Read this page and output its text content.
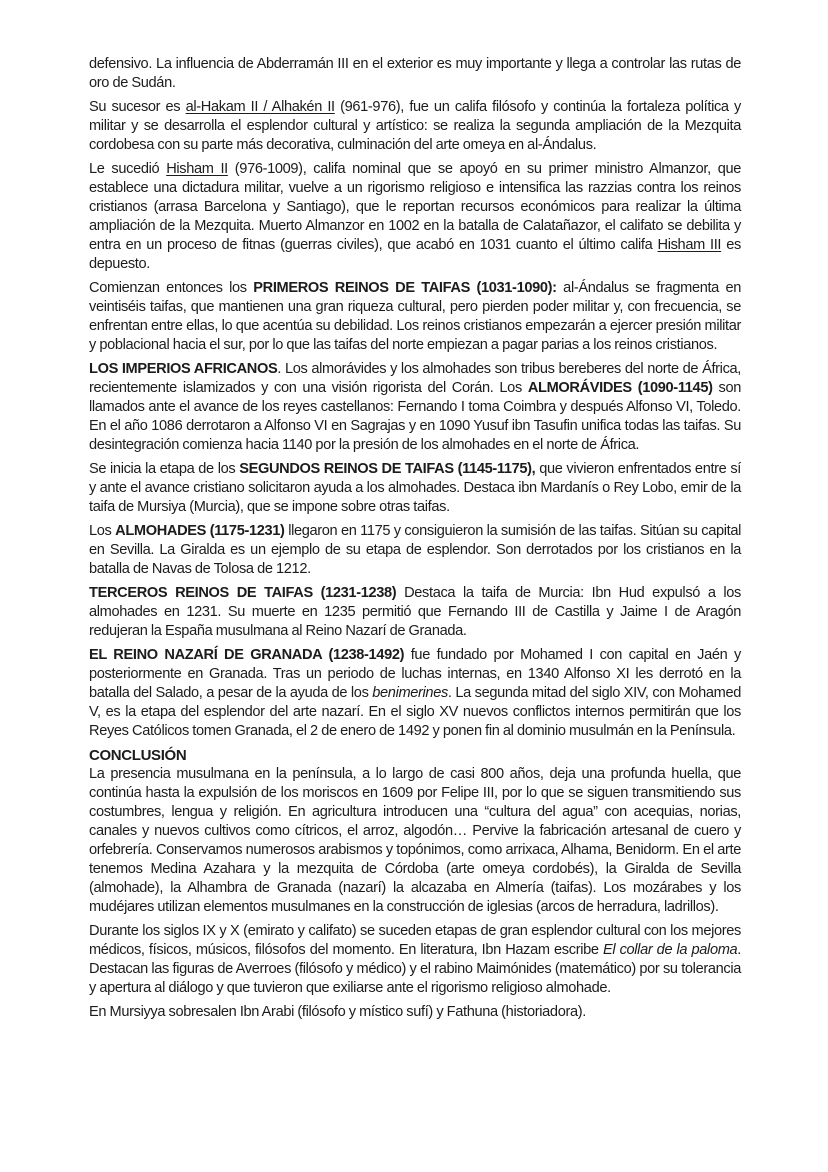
defensivo. La influencia de Abderramán III en el exterior es muy importante y llega a controlar las rutas de oro de Sudán.

Su sucesor es al-Hakam II / Alhakén II (961-976), fue un califa filósofo y continúa la fortaleza política y militar y se desarrolla el esplendor cultural y artístico: se realiza la segunda ampliación de la Mezquita cordobesa con su parte más decorativa, culminación del arte omeya en al-Ándalus.

Le sucedió Hisham II (976-1009), califa nominal que se apoyó en su primer ministro Almanzor, que establece una dictadura militar, vuelve a un rigorismo religioso e intensifica las razzias contra los reinos cristianos (arrasa Barcelona y Santiago), que le reportan recursos económicos para realizar la última ampliación de la Mezquita. Muerto Almanzor en 1002 en la batalla de Calatañazor, el califato se debilita y entra en un proceso de fitnas (guerras civiles), que acabó en 1031 cuanto el último califa Hisham III es depuesto.

Comienzan entonces los PRIMEROS REINOS DE TAIFAS (1031-1090): al-Ándalus se fragmenta en veintiséis taifas, que mantienen una gran riqueza cultural, pero pierden poder militar y, con frecuencia, se enfrentan entre ellas, lo que acentúa su debilidad. Los reinos cristianos empezarán a ejercer presión militar y poblacional hacia el sur, por lo que las taifas del norte empiezan a pagar parias a los reinos cristianos.

LOS IMPERIOS AFRICANOS. Los almorávides y los almohades son tribus bereberes del norte de África, recientemente islamizados y con una visión rigorista del Corán. Los ALMORÁVIDES (1090-1145) son llamados ante el avance de los reyes castellanos: Fernando I toma Coimbra y después Alfonso VI, Toledo. En el año 1086 derrotaron a Alfonso VI en Sagrajas y en 1090 Yusuf ibn Tasufin unifica todas las taifas. Su desintegración comienza hacia 1140 por la presión de los almohades en el norte de África.

Se inicia la etapa de los SEGUNDOS REINOS DE TAIFAS (1145-1175), que vivieron enfrentados entre sí y ante el avance cristiano solicitaron ayuda a los almohades. Destaca ibn Mardanís o Rey Lobo, emir de la taifa de Mursiya (Murcia), que se impone sobre otras taifas.

Los ALMOHADES (1175-1231) llegaron en 1175 y consiguieron la sumisión de las taifas. Sitúan su capital en Sevilla. La Giralda es un ejemplo de su etapa de esplendor. Son derrotados por los cristianos en la batalla de Navas de Tolosa de 1212.

TERCEROS REINOS DE TAIFAS (1231-1238) Destaca la taifa de Murcia: Ibn Hud expulsó a los almohades en 1231. Su muerte en 1235 permitió que Fernando III de Castilla y Jaime I de Aragón redujeran la España musulmana al Reino Nazarí de Granada.

EL REINO NAZARÍ DE GRANADA (1238-1492) fue fundado por Mohamed I con capital en Jaén y posteriormente en Granada. Tras un periodo de luchas internas, en 1340 Alfonso XI les derrotó en la batalla del Salado, a pesar de la ayuda de los benimerines. La segunda mitad del siglo XIV, con Mohamed V, es la etapa del esplendor del arte nazarí. En el siglo XV nuevos conflictos internos permitirán que los Reyes Católicos tomen Granada, el 2 de enero de 1492 y ponen fin al dominio musulmán en la Península.

CONCLUSIÓN

La presencia musulmana en la península, a lo largo de casi 800 años, deja una profunda huella, que continúa hasta la expulsión de los moriscos en 1609 por Felipe III, por lo que se siguen transmitiendo sus costumbres, lengua y religión. En agricultura introducen una “cultura del agua” con acequias, norias, canales y nuevos cultivos como cítricos, el arroz, algodón… Pervive la fabricación artesanal de cuero y orfebrería. Conservamos numerosos arabismos y topónimos, como arrixaca, Alhama, Benidorm. En el arte tenemos Medina Azahara y la mezquita de Córdoba (arte omeya cordobés), la Giralda de Sevilla (almohade), la Alhambra de Granada (nazarí) la alcazaba en Almería (taifas). Los mozárabes y los mudéjares utilizan elementos musulmanes en la construcción de iglesias (arcos de herradura, ladrillos).

Durante los siglos IX y X (emirato y califato) se suceden etapas de gran esplendor cultural con los mejores médicos, físicos, músicos, filósofos del momento. En literatura, Ibn Hazam escribe El collar de la paloma. Destacan las figuras de Averroes (filósofo y médico) y el rabino Maimónides (matemático) por su tolerancia y apertura al diálogo y que tuvieron que exiliarse ante el rigorismo religioso almohade.

En Mursiyya sobresalen Ibn Arabi (filósofo y místico sufí) y Fathuna (historiadora).
